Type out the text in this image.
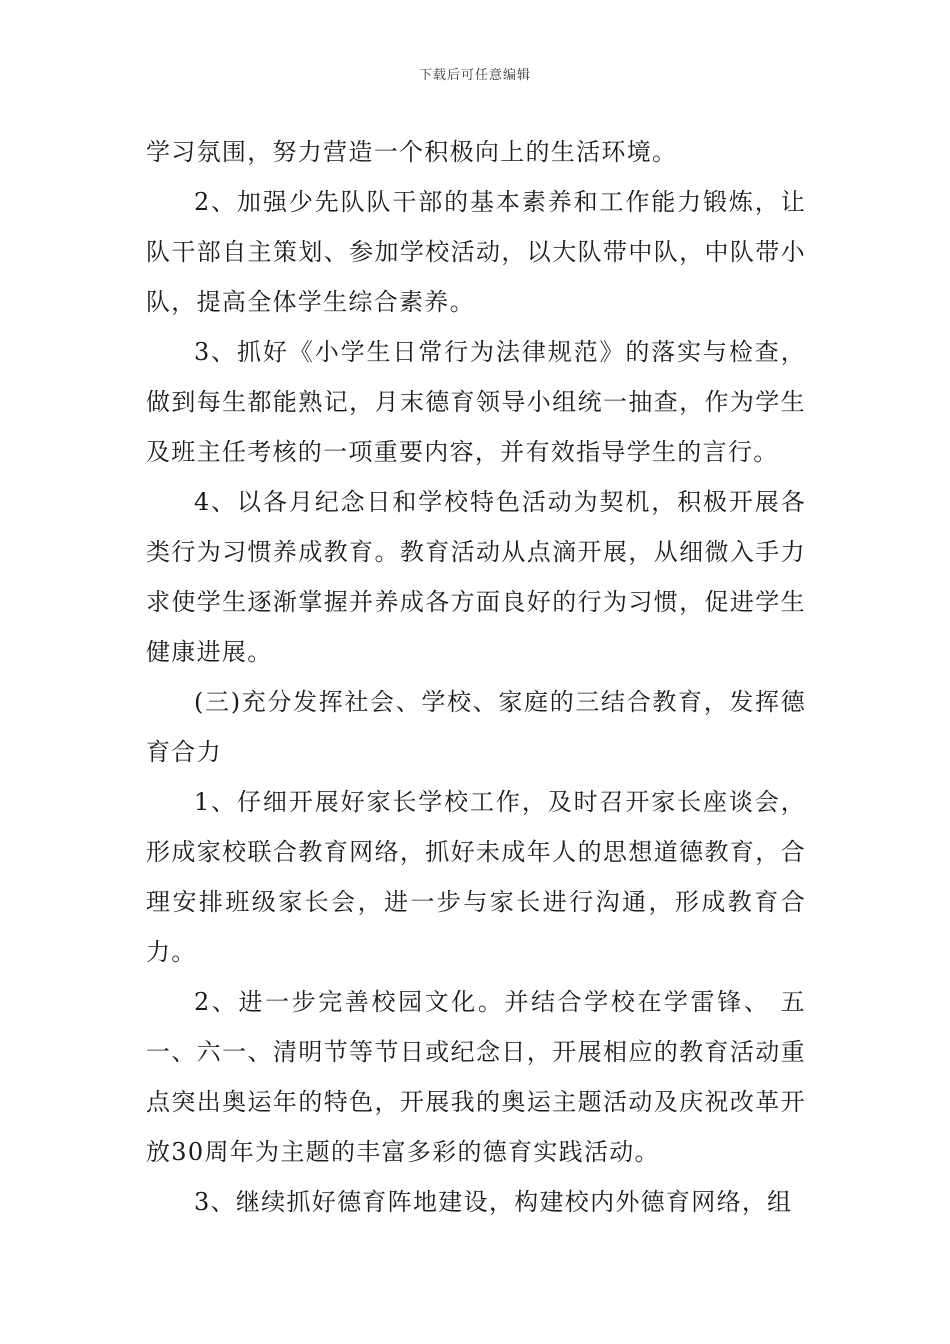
下载后可任意编辑

学习氛围，努力营造一个积极向上的生活环境。

2、加强少先队队干部的基本素养和工作能力锻炼，让队干部自主策划、参加学校活动，以大队带中队，中队带小队，提高全体学生综合素养。

3、抓好《小学生日常行为法律规范》的落实与检查，做到每生都能熟记，月末德育领导小组统一抽查，作为学生及班主任考核的一项重要内容，并有效指导学生的言行。

4、以各月纪念日和学校特色活动为契机，积极开展各类行为习惯养成教育。教育活动从点滴开展，从细微入手力求使学生逐渐掌握并养成各方面良好的行为习惯，促进学生健康进展。

(三)充分发挥社会、学校、家庭的三结合教育，发挥德育合力

1、仔细开展好家长学校工作，及时召开家长座谈会，形成家校联合教育网络，抓好未成年人的思想道德教育，合理安排班级家长会，进一步与家长进行沟通，形成教育合力。

2、进一步完善校园文化。并结合学校在学雷锋、 五一、六一、清明节等节日或纪念日，开展相应的教育活动重点突出奥运年的特色，开展我的奥运主题活动及庆祝改革开放30周年为主题的丰富多彩的德育实践活动。

3、继续抓好德育阵地建设，构建校内外德育网络，组
